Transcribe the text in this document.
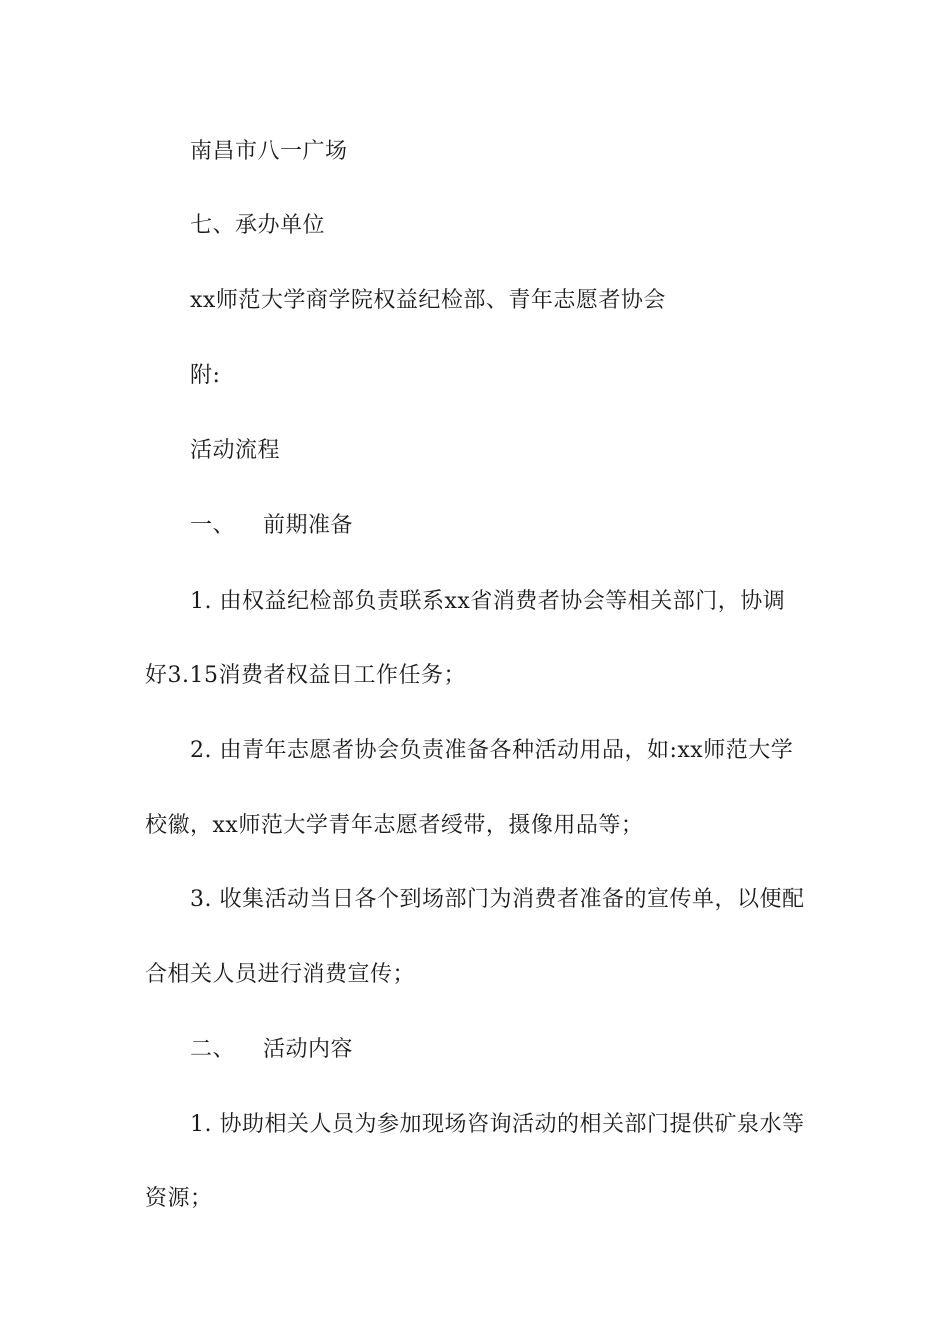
南昌市八一广场
七、承办单位
xx师范大学商学院权益纪检部、青年志愿者协会
附:
活动流程
一、 前期准备
1. 由权益纪检部负责联系xx省消费者协会等相关部门，协调
好3.15消费者权益日工作任务；
2. 由青年志愿者协会负责准备各种活动用品，如:xx师范大学
校徽，xx师范大学青年志愿者绶带，摄像用品等；
3. 收集活动当日各个到场部门为消费者准备的宣传单，以便配
合相关人员进行消费宣传；
二、 活动内容
1. 协助相关人员为参加现场咨询活动的相关部门提供矿泉水等
资源；
